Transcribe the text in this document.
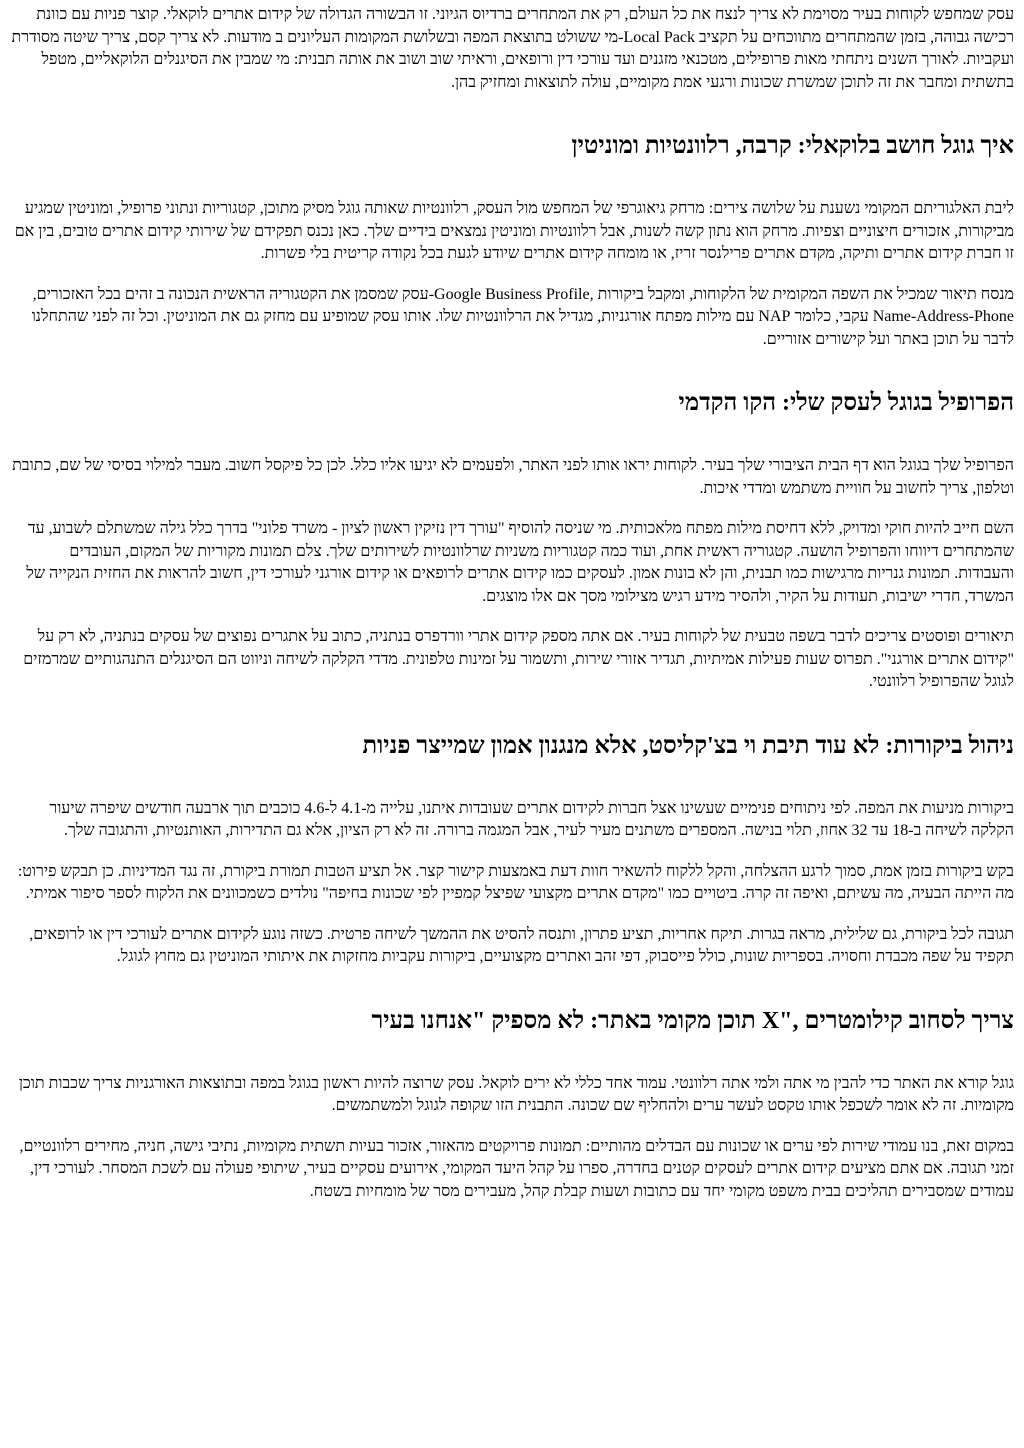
עסק שמחפש לקוחות בעיר מסוימת לא צריך לנצח את כל העולם, רק את המתחרים ברדיוס הגיוני. זו הבשורה הגדולה של קידום אתרים לוקאלי. קוצר פניות עם כוונת רכישה גבוהה, בזמן שהמתחרים מתווכחים על תקציב Local Pack-מי ששולט בתוצאת המפה ובשלושת המקומות העליונים ב מודעות. לא צריך קסם, צריך שיטה מסודרת ועקביות. לאורך השנים ניתחתי מאות פרופילים, מטכנאי מזגנים ועד עורכי דין ורופאים, וראיתי שוב ושוב את אותה תבנית: מי שמבין את הסיגנלים הלוקאליים, מטפל בתשתית ומחבר את זה לתוכן שמשרת שכונות ורגעי אמת מקומיים, עולה לתוצאות ומחזיק בהן.

איך גוגל חושב בלוקאלי: קרבה, רלוונטיות ומוניטין

ליבת האלגוריתם המקומי נשענת על שלושה צירים: מרחק גיאוגרפי של המחפש מול העסק, רלוונטיות שאותה גוגל מסיק מתוכן, קטגוריות ונתוני פרופיל, ומוניטין שמגיע מביקורות, אזכורים חיצוניים וצפיות. מרחק הוא נתון קשה לשנות, אבל רלוונטיות ומוניטין נמצאים בידיים שלך. כאן נכנס תפקידם של שירותי קידום אתרים טובים, בין אם זו חברת קידום אתרים ותיקה, מקדם אתרים פרילנסר זריז, או מומחה קידום אתרים שיודע לגעת בכל נקודה קריטית בלי פשרות.

מנסח תיאור שמכיל את השפה המקומית של הלקוחות, ומקבל ביקורות ,Google Business Profile-עסק שמסמן את הקטגוריה הראשית הנכונה ב זהים בכל האזכורים, Name-Address-Phone עקבי, כלומר NAP עם מילות מפתח אורגניות, מגדיל את הרלוונטיות שלו. אותו עסק שמופיע עם מחזק גם את המוניטין. וכל זה לפני שהתחלנו לדבר על תוכן באתר ועל קישורים אזוריים.

הפרופיל בגוגל לעסק שלי: הקו הקדמי

הפרופיל שלך בגוגל הוא דף הבית הציבורי שלך בעיר. לקוחות יראו אותו לפני האתר, ולפעמים לא יגיעו אליו כלל. לכן כל פיקסל חשוב. מעבר למילוי בסיסי של שם, כתובת וטלפון, צריך לחשוב על חוויית משתמש ומדדי איכות.

השם חייב להיות חוקי ומדויק, ללא דחיסת מילות מפתח מלאכותית. מי שניסה להוסיף "עורך דין נזיקין ראשון לציון - משרד פלוני" בדרך כלל גילה שמשתלם לשבוע, עד שהמתחרים דיווחו והפרופיל הושעה. קטגוריה ראשית אחת, ועוד כמה קטגוריות משניות שרלוונטיות לשירותים שלך. צלם תמונות מקוריות של המקום, העובדים והעבודות. תמונות גנריות מרגישות כמו תבנית, והן לא בונות אמון. לעסקים כמו קידום אתרים לרופאים או קידום אורגני לעורכי דין, חשוב להראות את החזית הנקייה של המשרד, חדרי ישיבות, תעודות על הקיר, ולהסיר מידע רגיש מצילומי מסך אם אלו מוצגים.

תיאורים ופוסטים צריכים לדבר בשפה טבעית של לקוחות בעיר. אם אתה מספק קידום אתרי וורדפרס בנתניה, כתוב על אתגרים נפוצים של עסקים בנתניה, לא רק על "קידום אתרים אורגני". תפרוס שעות פעילות אמיתיות, תגדיר אזורי שירות, ותשמור על זמינות טלפונית. מדדי הקלקה לשיחה וניווט הם הסיגנלים התנהגותיים שמרמזים לגוגל שהפרופיל רלוונטי.

ניהול ביקורות: לא עוד תיבת וי בצ'קליסט, אלא מנגנון אמון שמייצר פניות

ביקורות מניעות את המפה. לפי ניתוחים פנימיים שעשינו אצל חברות לקידום אתרים שעובדות איתנו, עלייה מ-4.1 ל-4.6 כוכבים תוך ארבעה חודשים שיפרה שיעור הקלקה לשיחה ב-18 עד 32 אחוז, תלוי בנישה. המספרים משתנים מעיר לעיר, אבל המגמה ברורה. זה לא רק הציון, אלא גם התדירות, האותנטיות, והתגובה שלך.

בקש ביקורות בזמן אמת, סמוך לרגע ההצלחה, והקל ללקוח להשאיר חוות דעת באמצעות קישור קצר. אל תציע הטבות תמורת ביקורת, זה נגד המדיניות. כן תבקש פירוט: מה הייתה הבעיה, מה עשיתם, ואיפה זה קרה. ביטויים כמו "מקדם אתרים מקצועי שפיצל קמפיין לפי שכונות בחיפה" נולדים כשמכוונים את הלקוח לספר סיפור אמיתי.

תגובה לכל ביקורת, גם שלילית, מראה בגרות. תיקח אחריות, תציע פתרון, ותנסה להסיט את ההמשך לשיחה פרטית. כשזה נוגע לקידום אתרים לעורכי דין או לרופאים, תקפיד על שפה מכבדת וחסויה. בספריות שונות, כולל פייסבוק, דפי זהב ואתרים מקצועיים, ביקורות עקביות מחזקות את איתותי המוניטין גם מחוץ לגוגל.

צריך לסחוב קילומטרים ,"X תוכן מקומי באתר: לא מספיק "אנחנו בעיר

גוגל קורא את האתר כדי להבין מי אתה ולמי אתה רלוונטי. עמוד אחד כללי לא ירים לוקאל. עסק שרוצה להיות ראשון בגוגל במפה ובתוצאות האורגניות צריך שכבות תוכן מקומיות. זה לא אומר לשכפל אותו טקסט לעשר ערים ולהחליף שם שכונה. התבנית הזו שקופה לגוגל ולמשתמשים.

במקום זאת, בנו עמודי שירות לפי ערים או שכונות עם הבדלים מהותיים: תמונות פרויקטים מהאזור, אזכור בעיות תשתית מקומיות, נתיבי גישה, חניה, מחירים רלוונטיים, זמני תגובה. אם אתם מציעים קידום אתרים לעסקים קטנים בחדרה, ספרו על קהל היעד המקומי, אירועים עסקיים בעיר, שיתופי פעולה עם לשכת המסחר. לעורכי דין, עמודים שמסבירים תהליכים בבית משפט מקומי יחד עם כתובות ושעות קבלת קהל, מעבירים מסר של מומחיות בשטח.
